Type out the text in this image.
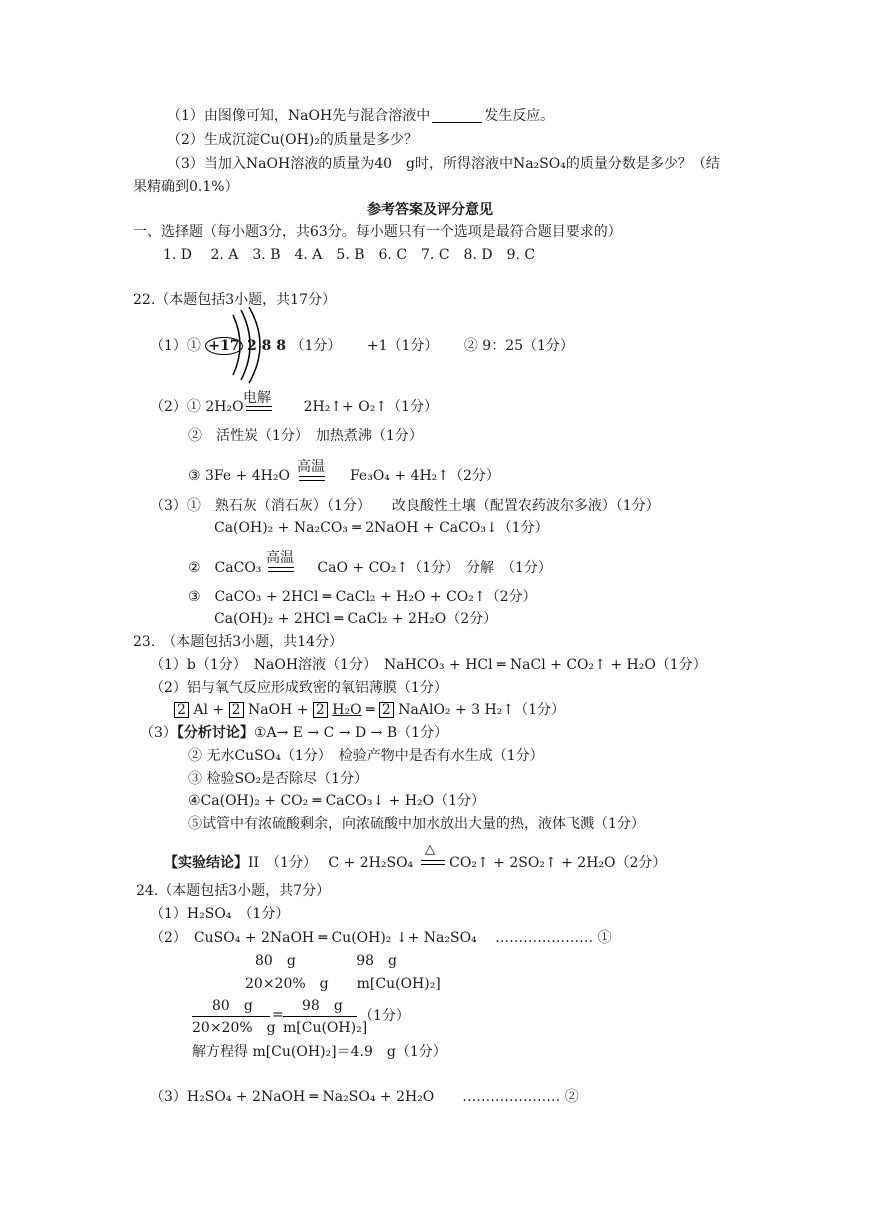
（1）由图像可知，NaOH先与混合溶液中	发生反应。
（2）生成沉淀Cu(OH)₂的质量是多少？
（3）当加入NaOH溶液的质量为40　g时，所得溶液中Na₂SO₄的质量分数是多少？（结
果精确到0.1%）
参考答案及评分意见
一、选择题（每小题3分，共63分。每小题只有一个选项是最符合题目要求的）
1. D　 2. A　3. B　4. A　5. B　6. C　7. C　8. D　9. C
22.（本题包括3小题，共17分）
（1）① +17 2 8 8 （1分）　　 +1（1分）　　 ② 9：25（1分）
（2）① 2H₂O	2H₂↑+ O₂↑（1分）
电解
②　活性炭（1分）　加热煮沸（1分）
③ 3Fe + 4H₂O	Fe₃O₄ + 4H₂↑（2分）
高温
（3）①　熟石灰（消石灰）（1分）　　改良酸性土壤（配置农药波尔多液）（1分）
Ca(OH)₂ + Na₂CO₃ ═ 2NaOH + CaCO₃↓（1分）
②　CaCO₃	CaO + CO₂↑（1分）　分解　（1分）
高温
③　CaCO₃ + 2HCl ═ CaCl₂ + H₂O + CO₂↑（2分）
Ca(OH)₂ + 2HCl ═ CaCl₂ + 2H₂O（2分）
23.　（本题包括3小题，共14分）
（1）b（1分）　NaOH溶液（1分）　NaHCO₃ + HCl ═ NaCl + CO₂↑ + H₂O（1分）
（2）铝与氧气反应形成致密的氧铝薄膜（1分）
2 Al + 2 NaOH + 2 H₂O ═ 2 NaAlO₂ + 3 H₂↑（1分）
（3）【分析讨论】①A→ E → C → D → B（1分）
② 无水CuSO₄（1分）　检验产物中是否有水生成（1分）
③ 检验SO₂是否除尽（1分）
④Ca(OH)₂ + CO₂ ═ CaCO₃↓ + H₂O（1分）
⑤试管中有浓硫酸剩余，向浓硫酸中加水放出大量的热，液体飞溅（1分）
【实验结论】II　（1分）　 C + 2H₂SO₄	CO₂↑ + 2SO₂↑ + 2H₂O（2分）
△
24.（本题包括3小题，共7分）
（1）H₂SO₄　（1分）
（2）　CuSO₄ + 2NaOH ═ Cu(OH)₂ ↓+ Na₂SO₄　 ………………… ①
80　g　　　　 98　g
20×20%　g　　m[Cu(OH)₂]
80　g
20×20%　g
=
98　g
m[Cu(OH)₂]
（1分）
解方程得 m[Cu(OH)₂]＝4.9　g（1分）
（3）H₂SO₄ + 2NaOH ═ Na₂SO₄ + 2H₂O　　………………… ②
